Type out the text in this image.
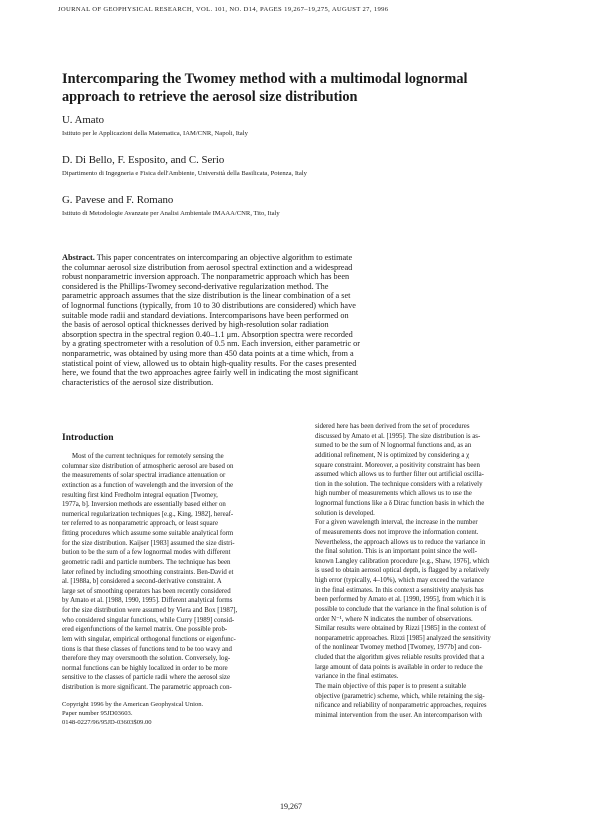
JOURNAL OF GEOPHYSICAL RESEARCH, VOL. 101, NO. D14, PAGES 19,267–19,275, AUGUST 27, 1996
Intercomparing the Twomey method with a multimodal lognormal
approach to retrieve the aerosol size distribution
U. Amato
Istituto per le Applicazioni della Matematica, IAM/CNR, Napoli, Italy
D. Di Bello, F. Esposito, and C. Serio
Dipartimento di Ingegneria e Fisica dell'Ambiente, Università della Basilicata, Potenza, Italy
G. Pavese and F. Romano
Istituto di Metodologie Avanzate per Analisi Ambientale IMAAA/CNR, Tito, Italy
Abstract. This paper concentrates on intercomparing an objective algorithm to estimate
the columnar aerosol size distribution from aerosol spectral extinction and a widespread
robust nonparametric inversion approach. The nonparametric approach which has been
considered is the Phillips-Twomey second-derivative regularization method. The
parametric approach assumes that the size distribution is the linear combination of a set
of lognormal functions (typically, from 10 to 30 distributions are considered) which have
suitable mode radii and standard deviations. Intercomparisons have been performed on
the basis of aerosol optical thicknesses derived by high-resolution solar radiation
absorption spectra in the spectral region 0.40–1.1 μm. Absorption spectra were recorded
by a grating spectrometer with a resolution of 0.5 nm. Each inversion, either parametric or
nonparametric, was obtained by using more than 450 data points at a time which, from a
statistical point of view, allowed us to obtain high-quality results. For the cases presented
here, we found that the two approaches agree fairly well in indicating the most significant
characteristics of the aerosol size distribution.
Introduction
Most of the current techniques for remotely sensing the
columnar size distribution of atmospheric aerosol are based on
the measurements of solar spectral irradiance attenuation or
extinction as a function of wavelength and the inversion of the
resulting first kind Fredholm integral equation [Twomey,
1977a, b]. Inversion methods are essentially based either on
numerical regularization techniques [e.g., King, 1982], hereaf-
ter referred to as nonparametric approach, or least square
fitting procedures which assume some suitable analytical form
for the size distribution. Kaijser [1983] assumed the size distri-
bution to be the sum of a few lognormal modes with different
geometric radii and particle numbers. The technique has been
later refined by including smoothing constraints. Ben-David et
al. [1988a, b] considered a second-derivative constraint. A
large set of smoothing operators has been recently considered
by Amato et al. [1988, 1990, 1995]. Different analytical forms
for the size distribution were assumed by Viera and Box [1987],
who considered singular functions, while Curry [1989] consid-
ered eigenfunctions of the kernel matrix. One possible prob-
lem with singular, empirical orthogonal functions or eigenfunc-
tions is that these classes of functions tend to be too wavy and
therefore they may oversmooth the solution. Conversely, log-
normal functions can be highly localized in order to be more
sensitive to the classes of particle radii where the aerosol size
distribution is more significant. The parametric approach con-
Copyright 1996 by the American Geophysical Union.
Paper number 95JD03603.
0148-0227/96/95JD-03603$09.00
sidered here has been derived from the set of procedures
discussed by Amato et al. [1995]. The size distribution is as-
sumed to be the sum of N lognormal functions and, as an
additional refinement, N is optimized by considering a χ
square constraint. Moreover, a positivity constraint has been
assumed which allows us to further filter out artificial oscilla-
tion in the solution. The technique considers with a relatively
high number of measurements which allows us to use the
lognormal functions like a δ Dirac function basis in which the
solution is developed.
For a given wavelength interval, the increase in the number
of measurements does not improve the information content.
Nevertheless, the approach allows us to reduce the variance in
the final solution. This is an important point since the well-
known Langley calibration procedure [e.g., Shaw, 1976], which
is used to obtain aerosol optical depth, is flagged by a relatively
high error (typically, 4–10%), which may exceed the variance
in the final estimates. In this context a sensitivity analysis has
been performed by Amato et al. [1990, 1995], from which it is
possible to conclude that the variance in the final solution is of
order N⁻¹, where N indicates the number of observations.
Similar results were obtained by Rizzi [1985] in the context of
nonparametric approaches. Rizzi [1985] analyzed the sensitivity
of the nonlinear Twomey method [Twomey, 1977b] and con-
cluded that the algorithm gives reliable results provided that a
large amount of data points is available in order to reduce the
variance in the final estimates.
The main objective of this paper is to present a suitable
objective (parametric) scheme, which, while retaining the sig-
nificance and reliability of nonparametric approaches, requires
minimal intervention from the user. An intercomparison with
19,267
